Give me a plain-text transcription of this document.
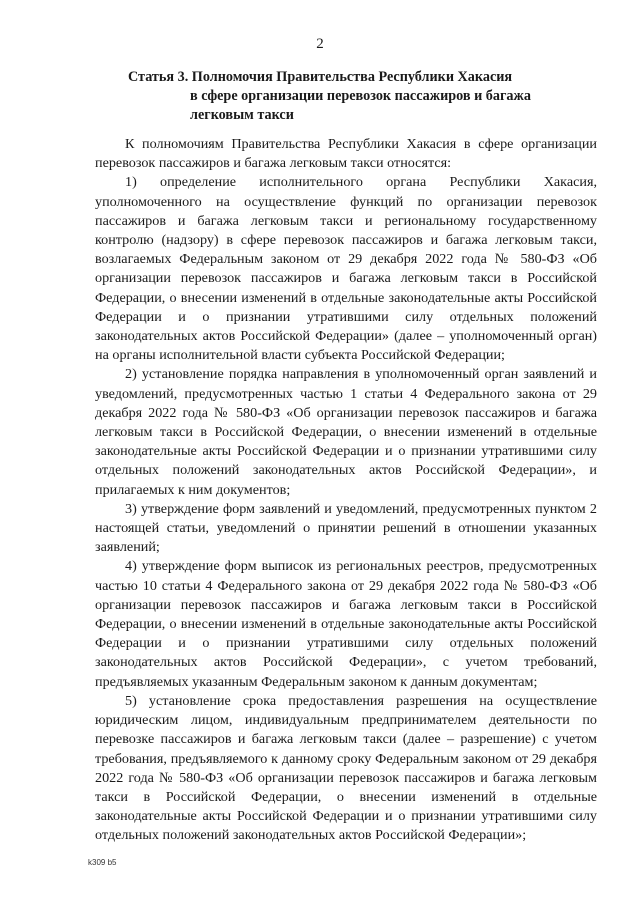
2
Статья 3. Полномочия Правительства Республики Хакасия
в сфере организации перевозок пассажиров и багажа
легковым такси

К полномочиям Правительства Республики Хакасия в сфере организации перевозок пассажиров и багажа легковым такси относятся:

1) определение исполнительного органа Республики Хакасия, уполномоченного на осуществление функций по организации перевозок пассажиров и багажа легковым такси и региональному государственному контролю (надзору) в сфере перевозок пассажиров и багажа легковым такси, возлагаемых Федеральным законом от 29 декабря 2022 года № 580-ФЗ «Об организации перевозок пассажиров и багажа легковым такси в Российской Федерации, о внесении изменений в отдельные законодательные акты Российской Федерации и о признании утратившими силу отдельных положений законодательных актов Российской Федерации» (далее – уполномоченный орган) на органы исполнительной власти субъекта Российской Федерации;

2) установление порядка направления в уполномоченный орган заявлений и уведомлений, предусмотренных частью 1 статьи 4 Федерального закона от 29 декабря 2022 года № 580-ФЗ «Об организации перевозок пассажиров и багажа легковым такси в Российской Федерации, о внесении изменений в отдельные законодательные акты Российской Федерации и о признании утратившими силу отдельных положений законодательных актов Российской Федерации», и прилагаемых к ним документов;

3) утверждение форм заявлений и уведомлений, предусмотренных пунктом 2 настоящей статьи, уведомлений о принятии решений в отношении указанных заявлений;

4) утверждение форм выписок из региональных реестров, предусмотренных частью 10 статьи 4 Федерального закона от 29 декабря 2022 года № 580-ФЗ «Об организации перевозок пассажиров и багажа легковым такси в Российской Федерации, о внесении изменений в отдельные законодательные акты Российской Федерации и о признании утратившими силу отдельных положений законодательных актов Российской Федерации», с учетом требований, предъявляемых указанным Федеральным законом к данным документам;

5) установление срока предоставления разрешения на осуществление юридическим лицом, индивидуальным предпринимателем деятельности по перевозке пассажиров и багажа легковым такси (далее – разрешение) с учетом требования, предъявляемого к данному сроку Федеральным законом от 29 декабря 2022 года № 580-ФЗ «Об организации перевозок пассажиров и багажа легковым такси в Российской Федерации, о внесении изменений в отдельные законодательные акты Российской Федерации и о признании утратившими силу отдельных положений законодательных актов Российской Федерации»;

k309 b5
